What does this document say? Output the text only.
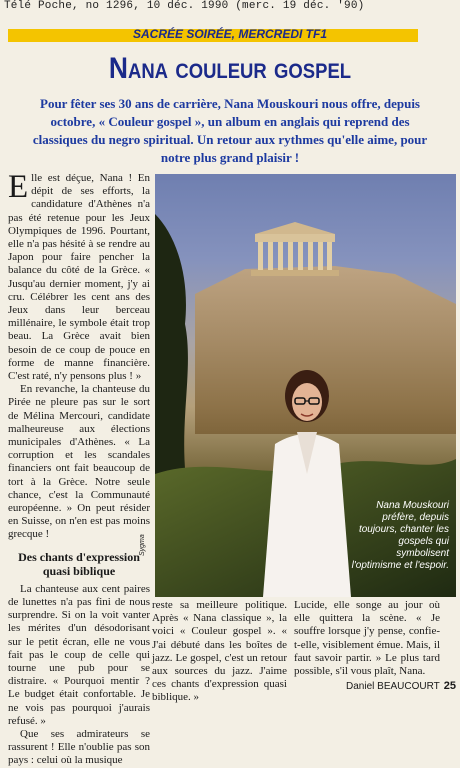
Télé Poche, no 1296, 10 déc. 1990 (merc. 19 déc. '90)
SACRÉE SOIRÉE, MERCREDI TF1
Nana couleur gospel
Pour fêter ses 30 ans de carrière, Nana Mouskouri nous offre, depuis octobre, « Couleur gospel », un album en anglais qui reprend des classiques du negro spiritual. Un retour aux rythmes qu'elle aime, pour notre plus grand plaisir !

Elle est déçue, Nana ! En dépit de ses efforts, la candidature d'Athènes n'a pas été retenue pour les Jeux Olympiques de 1996. Pourtant, elle n'a pas hésité à se rendre au Japon pour faire pencher la balance du côté de la Grèce. « Jusqu'au dernier moment, j'y ai cru. Célébrer les cent ans des Jeux dans leur berceau millénaire, le symbole était trop beau. La Grèce avait bien besoin de ce coup de pouce en forme de manne financière. C'est raté, n'y pensons plus ! »

En revanche, la chanteuse du Pirée ne pleure pas sur le sort de Mélina Mercouri, candidate malheureuse aux élections municipales d'Athènes. « La corruption et les scandales financiers ont fait beaucoup de tort à la Grèce. Notre seule chance, c'est la Communauté européenne. » On peut résider en Suisse, on n'en est pas moins grecque !

Des chants d'expression quasi biblique

La chanteuse aux cent paires de lunettes n'a pas fini de nous surprendre. Si on la voit vanter les mérites d'un désodorisant sur le petit écran, elle ne vous fait pas le coup de celle qui tourne une pub pour se distraire. « Pourquoi mentir ? Le budget était confortable. Je ne vois pas pourquoi j'aurais refusé. »

Que ses admirateurs se rassurent ! Elle n'oublie pas son pays : celui où la musique

Sygma
Nana Mouskouri préfère, depuis toujours, chanter les gospels qui symbolisent l'optimisme et l'espoir.

reste sa meilleure politique. Après « Nana classique », la voici « Couleur gospel ». « J'ai débuté dans les boîtes de jazz. Le gospel, c'est un retour aux sources du jazz. J'aime ces chants d'expression quasi biblique. »

Lucide, elle songe au jour où elle quittera la scène. « Je souffre lorsque j'y pense, confie-t-elle, visiblement émue. Mais, il faut savoir partir. » Le plus tard possible, s'il vous plaît, Nana.

Daniel BEAUCOURT 25
